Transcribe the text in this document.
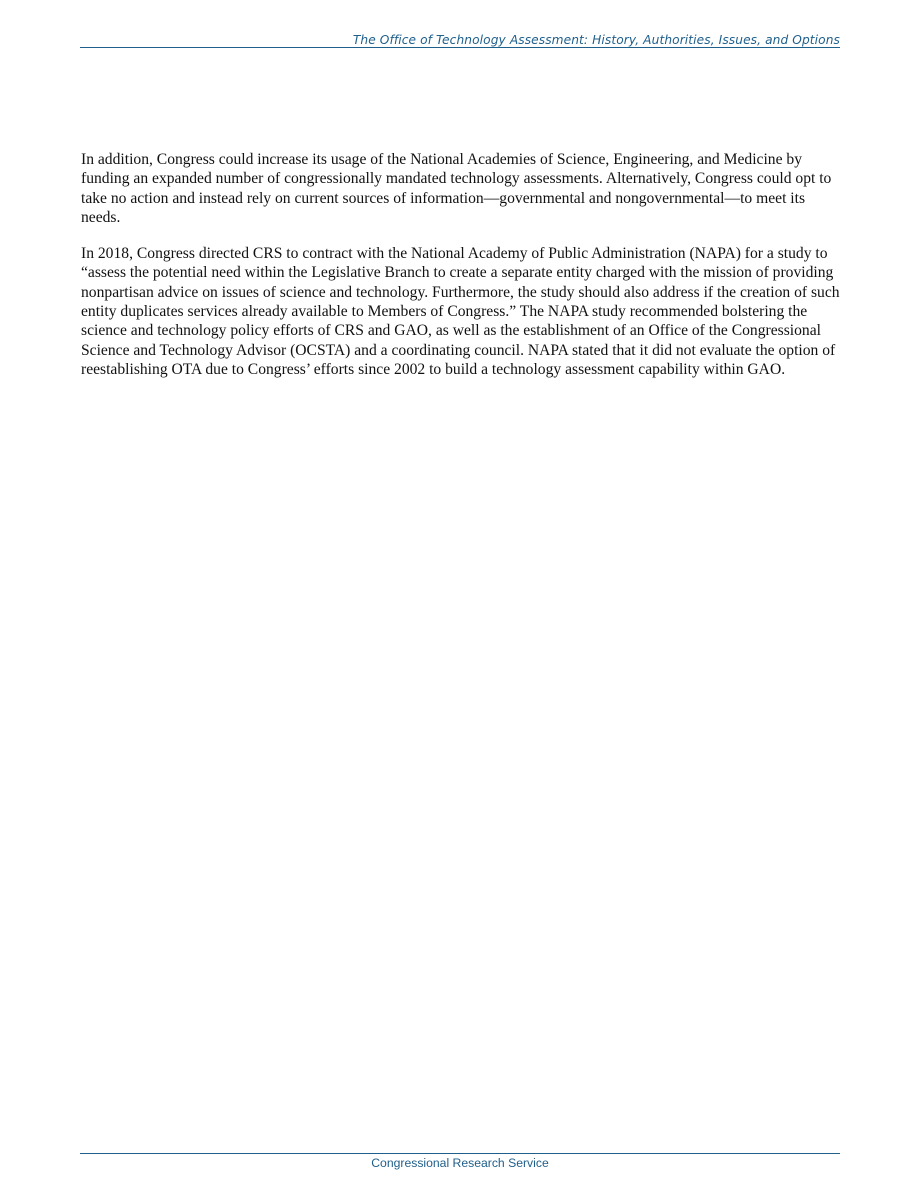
The Office of Technology Assessment: History, Authorities, Issues, and Options

In addition, Congress could increase its usage of the National Academies of Science, Engineering, and Medicine by funding an expanded number of congressionally mandated technology assessments. Alternatively, Congress could opt to take no action and instead rely on current sources of information—governmental and nongovernmental—to meet its needs.

In 2018, Congress directed CRS to contract with the National Academy of Public Administration (NAPA) for a study to “assess the potential need within the Legislative Branch to create a separate entity charged with the mission of providing nonpartisan advice on issues of science and technology. Furthermore, the study should also address if the creation of such entity duplicates services already available to Members of Congress.” The NAPA study recommended bolstering the science and technology policy efforts of CRS and GAO, as well as the establishment of an Office of the Congressional Science and Technology Advisor (OCSTA) and a coordinating council. NAPA stated that it did not evaluate the option of reestablishing OTA due to Congress’ efforts since 2002 to build a technology assessment capability within GAO.

Congressional Research Service
